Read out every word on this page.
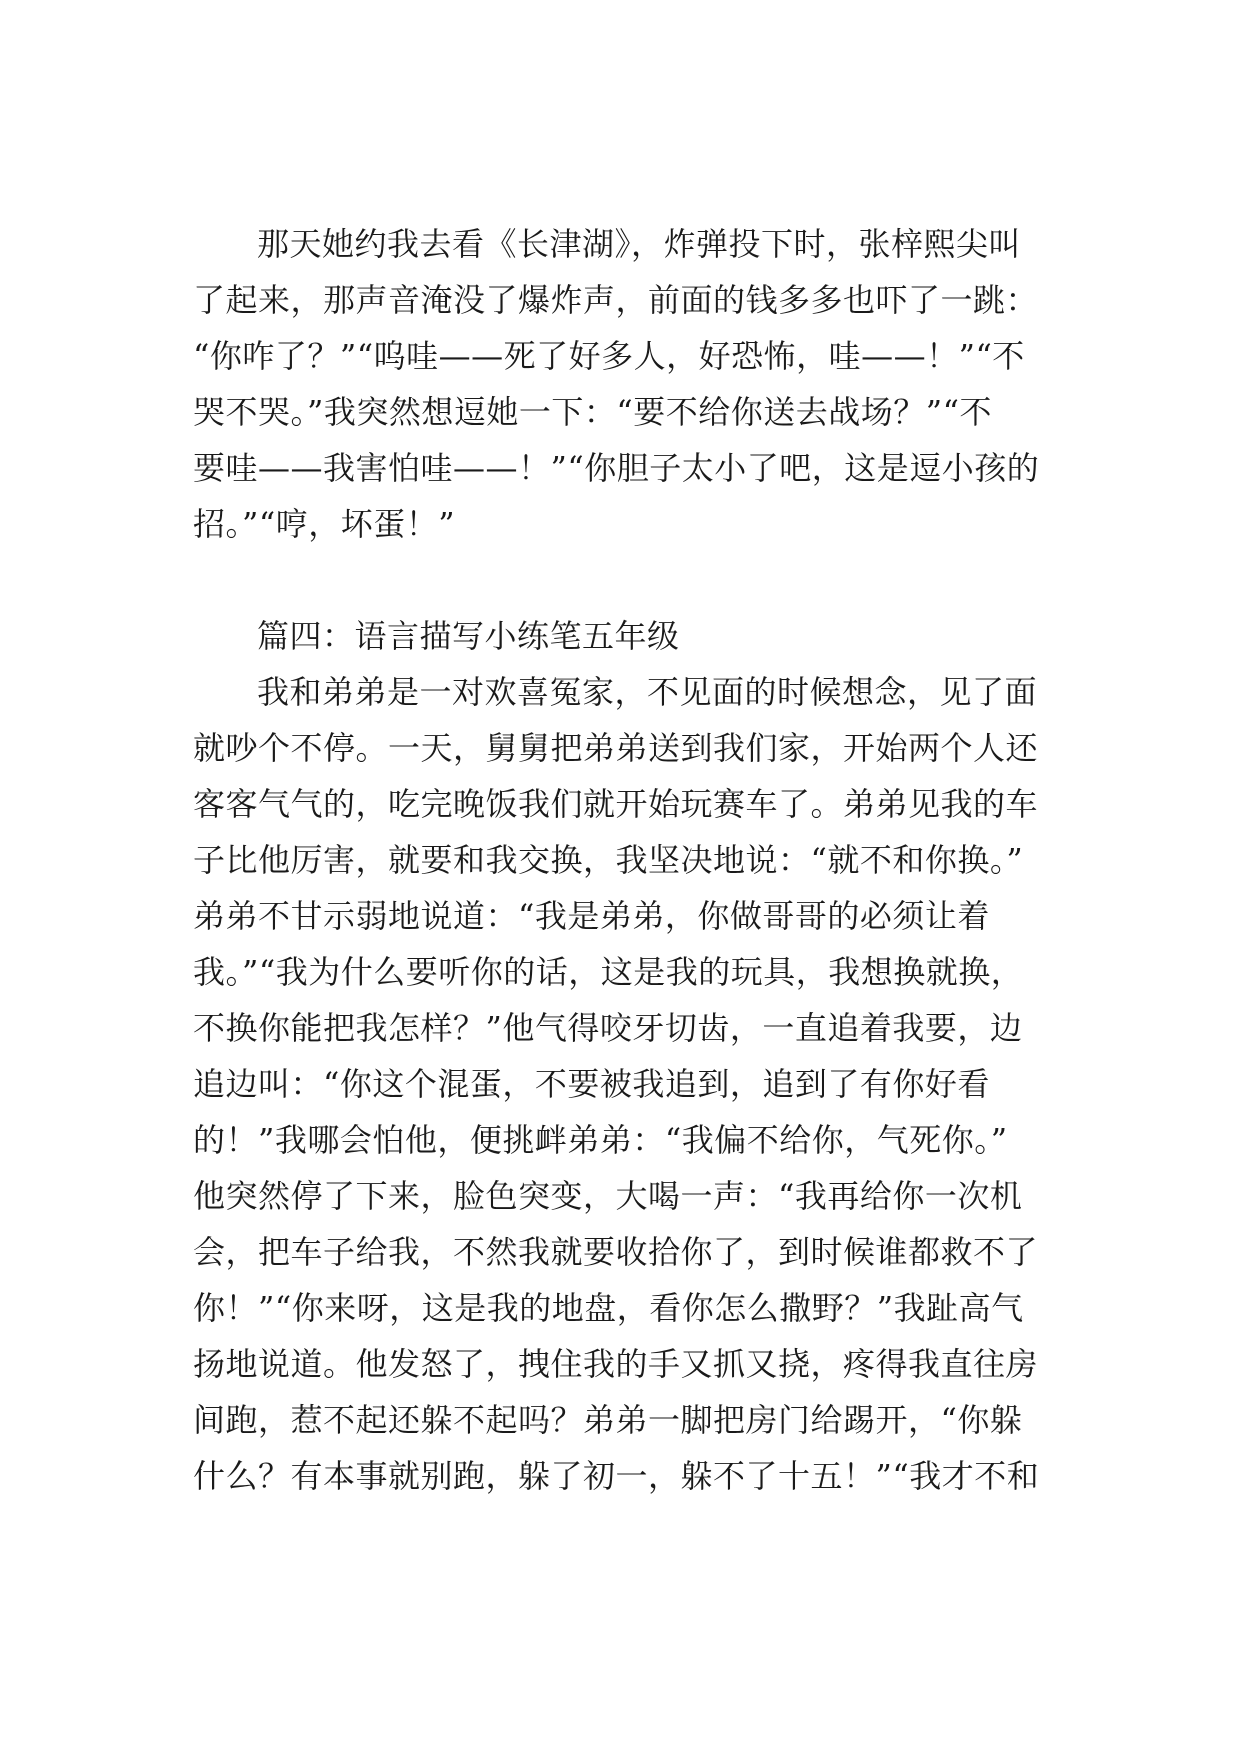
那天她约我去看《长津湖》，炸弹投下时，张梓熙尖叫
了起来，那声音淹没了爆炸声，前面的钱多多也吓了一跳：
“你咋了？”“呜哇——死了好多人，好恐怖，哇——！”“不
哭不哭。”我突然想逗她一下：“要不给你送去战场？”“不
要哇——我害怕哇——！”“你胆子太小了吧，这是逗小孩的
招。”“哼，坏蛋！”
篇四：语言描写小练笔五年级
我和弟弟是一对欢喜冤家，不见面的时候想念，见了面
就吵个不停。一天，舅舅把弟弟送到我们家，开始两个人还
客客气气的，吃完晚饭我们就开始玩赛车了。弟弟见我的车
子比他厉害，就要和我交换，我坚决地说：“就不和你换。”
弟弟不甘示弱地说道：“我是弟弟，你做哥哥的必须让着
我。”“我为什么要听你的话，这是我的玩具，我想换就换，
不换你能把我怎样？”他气得咬牙切齿，一直追着我要，边
追边叫：“你这个混蛋，不要被我追到，追到了有你好看
的！”我哪会怕他，便挑衅弟弟：“我偏不给你，气死你。”
他突然停了下来，脸色突变，大喝一声：“我再给你一次机
会，把车子给我，不然我就要收拾你了，到时候谁都救不了
你！”“你来呀，这是我的地盘，看你怎么撒野？”我趾高气
扬地说道。他发怒了，拽住我的手又抓又挠，疼得我直往房
间跑，惹不起还躲不起吗？弟弟一脚把房门给踢开，“你躲
什么？有本事就别跑，躲了初一，躲不了十五！”“我才不和
